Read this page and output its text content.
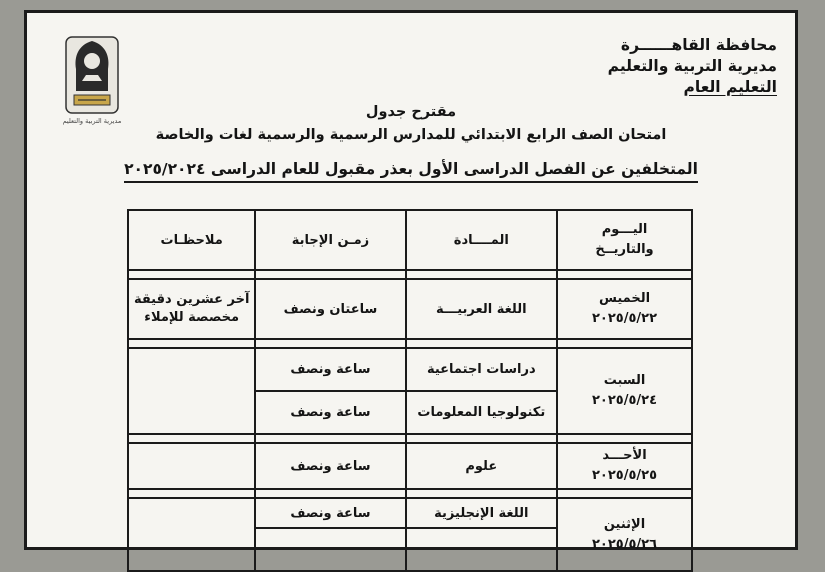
محافظة القاهــــــرة
مديرية التربية والتعليم
التعليم العام
مديرية التربية والتعليم
مقترح جدول
امتحان الصف الرابع الابتدائي للمدارس الرسمية والرسمية لغات والخاصة
المتخلفين عن الفصل الدراسى الأول بعذر مقبول للعام الدراسى ٢٠٢٥/٢٠٢٤
اليـــوم
والتاريــخ	المــــادة	زمـن الإجابة	ملاحظـات

الخميس
٢٠٢٥/٥/٢٢	اللغة العربيـــة	ساعتان ونصف	آخر عشرين دقيقة مخصصة للإملاء

السبت
٢٠٢٥/٥/٢٤	دراسات اجتماعية	ساعة ونصف	
	تكنولوجيا المعلومات	ساعة ونصف	

الأحـــد
٢٠٢٥/٥/٢٥	علوم	ساعة ونصف	

الإثنين
٢٠٢٥/٥/٢٦	اللغة الإنجليزية	ساعة ونصف	
